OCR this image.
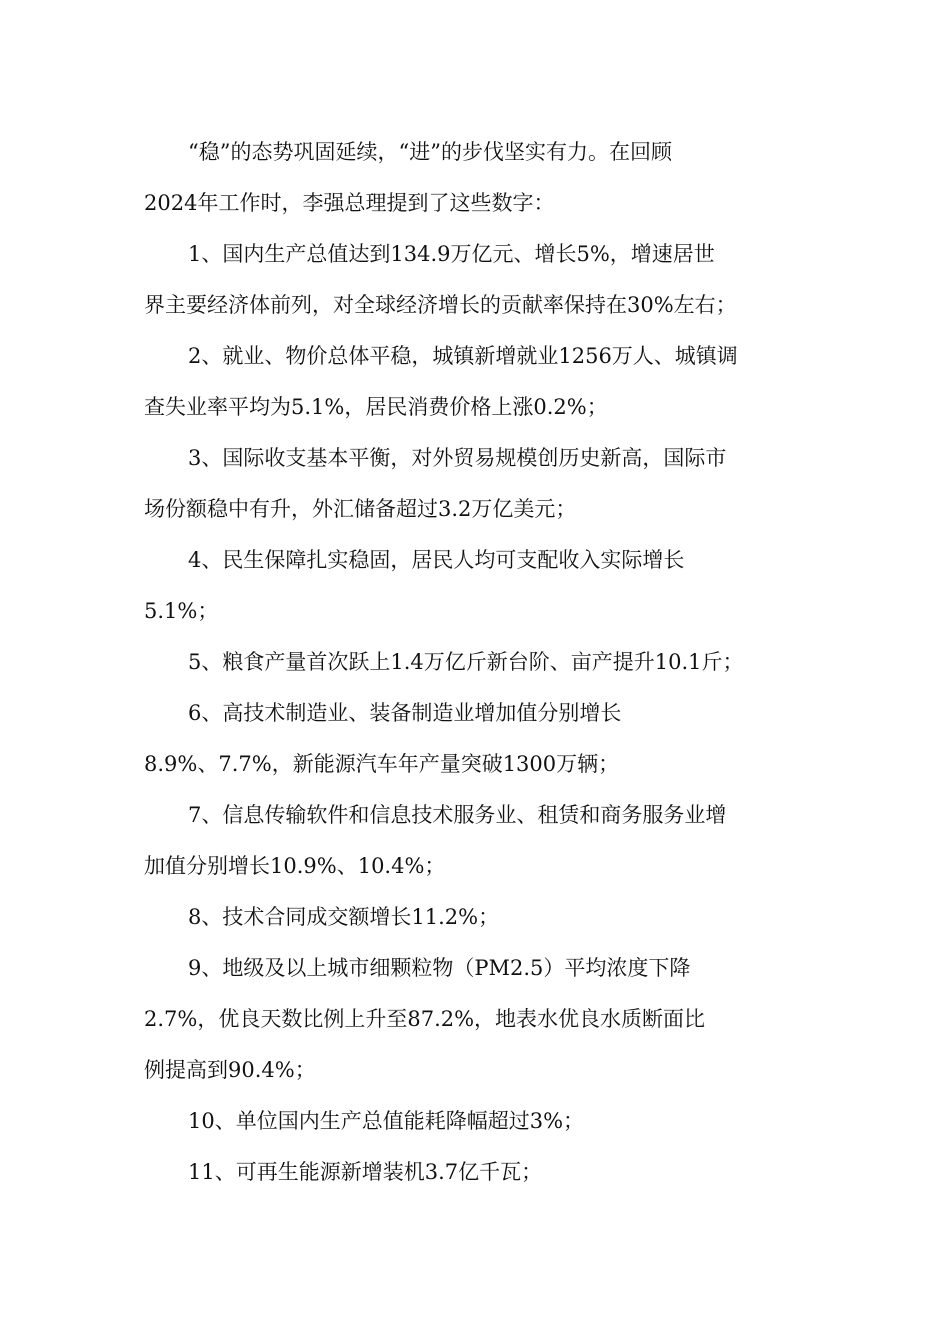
“稳”的态势巩固延续，“进”的步伐坚实有力。在回顾
2024年工作时，李强总理提到了这些数字：
1、国内生产总值达到134.9万亿元、增长5%，增速居世
界主要经济体前列，对全球经济增长的贡献率保持在30%左右；
2、就业、物价总体平稳，城镇新增就业1256万人、城镇调
查失业率平均为5.1%，居民消费价格上涨0.2%；
3、国际收支基本平衡，对外贸易规模创历史新高，国际市
场份额稳中有升，外汇储备超过3.2万亿美元；
4、民生保障扎实稳固，居民人均可支配收入实际增长
5.1%；
5、粮食产量首次跃上1.4万亿斤新台阶、亩产提升10.1斤；
6、高技术制造业、装备制造业增加值分别增长
8.9%、7.7%，新能源汽车年产量突破1300万辆；
7、信息传输软件和信息技术服务业、租赁和商务服务业增
加值分别增长10.9%、10.4%；
8、技术合同成交额增长11.2%；
9、地级及以上城市细颗粒物（PM2.5）平均浓度下降
2.7%，优良天数比例上升至87.2%，地表水优良水质断面比
例提高到90.4%；
10、单位国内生产总值能耗降幅超过3%；
11、可再生能源新增装机3.7亿千瓦；
